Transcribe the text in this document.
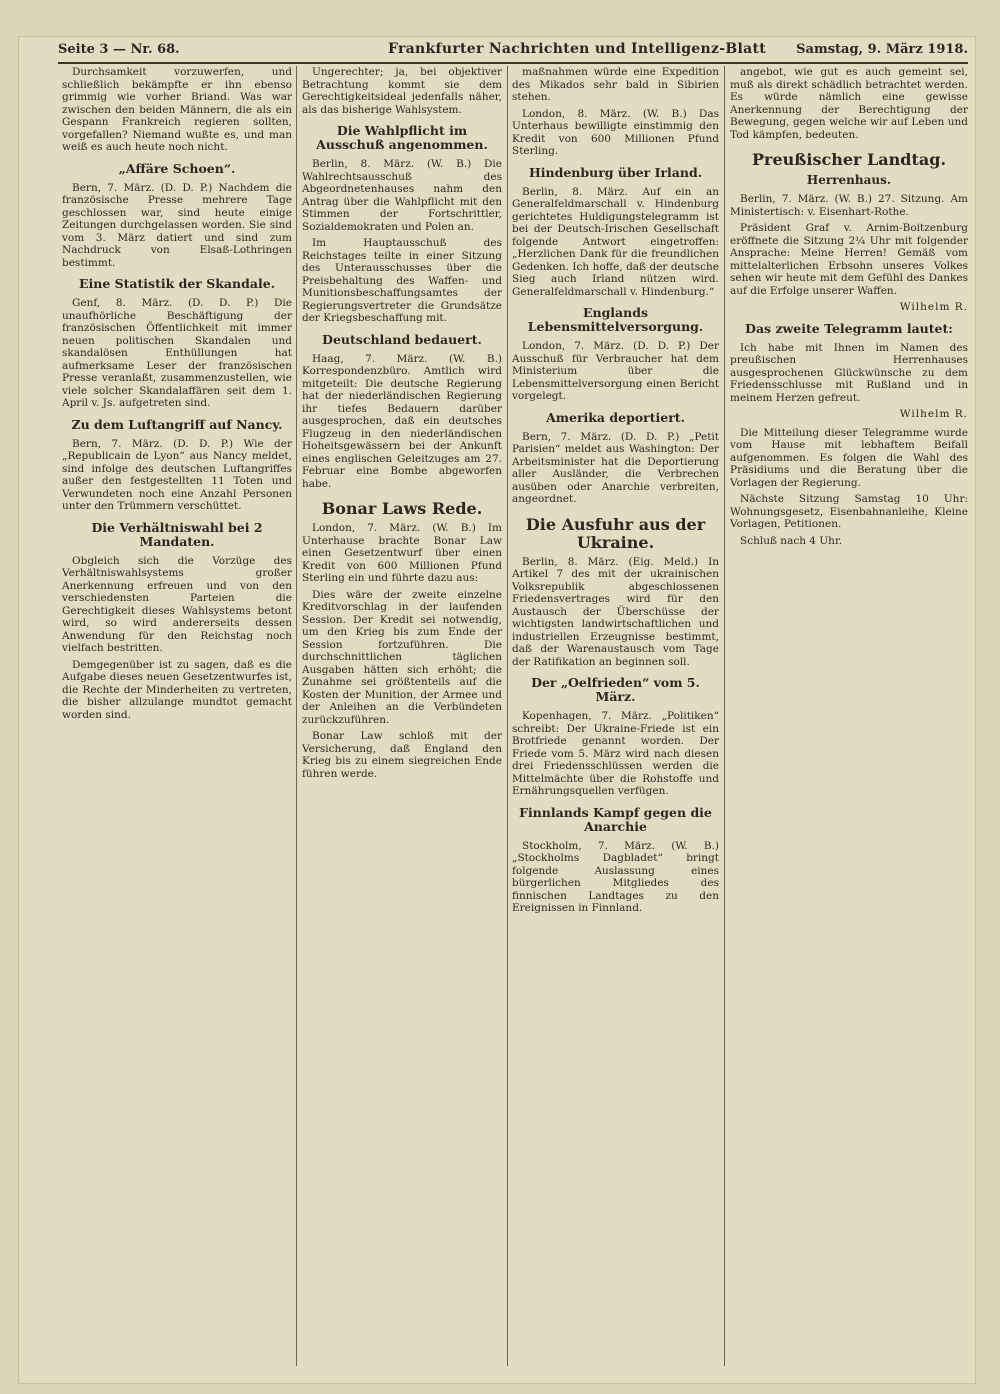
Seite 3 — Nr. 68.	Frankfurter Nachrichten und Intelligenz-Blatt Samstag, 9. März 1918.

Durchsamkeit vorzuwerfen, und schließlich bekämpfte er ihn ebenso grimmig wie vorher Briand. Was war zwischen den beiden Männern, die als ein Gespann Frankreich regieren sollten, vorgefallen? Niemand wußte es, und man weiß es auch heute noch nicht.

„Affäre Schoen“.

Bern, 7. März. (D. D. P.) Nachdem die französische Presse mehrere Tage geschlossen war, sind heute einige Zeitungen durchgelassen worden. Sie sind vom 3. März datiert und sind zum Nachdruck von Elsaß-Lothringen bestimmt.

Eine Statistik der Skandale.

Genf, 8. März. (D. D. P.) Die unaufhörliche Beschäftigung der französischen Öffentlichkeit mit immer neuen politischen Skandalen und skandalösen Enthüllungen hat aufmerksame Leser der französischen Presse veranlaßt, zusammenzustellen, wie viele solcher Skandalaffären seit dem 1. April v. Js. aufgetreten sind.

Zu dem Luftangriff auf Nancy.

Bern, 7. März. (D. D. P.) Wie der „Republicain de Lyon“ aus Nancy meldet, sind infolge des deutschen Luftangriffes außer den festgestellten 11 Toten und Verwundeten noch eine Anzahl Personen unter den Trümmern verschüttet.

Die Verhältniswahl bei 2 Mandaten.

Obgleich sich die Vorzüge des Verhältniswahlsystems großer Anerkennung erfreuen und von den verschiedensten Parteien die Gerechtigkeit dieses Wahlsystems betont wird, so wird andererseits dessen Anwendung für den Reichstag noch vielfach bestritten.

Demgegenüber ist zu sagen, daß es die Aufgabe dieses neuen Gesetzentwurfes ist, die Rechte der Minderheiten zu vertreten, die bisher allzulange mundtot gemacht worden sind.

Ungerechter; ja, bei objektiver Betrachtung kommt sie dem Gerechtigkeitsideal jedenfalls näher, als das bisherige Wahlsystem.

Die Wahlpflicht im Ausschuß angenommen.

Berlin, 8. März. (W. B.) Die Wahlrechtsausschuß des Abgeordnetenhauses nahm den Antrag über die Wahlpflicht mit den Stimmen der Fortschrittler, Sozialdemokraten und Polen an.

Im Hauptausschuß des Reichstages teilte in einer Sitzung des Unterausschusses über die Preisbehaltung des Waffen- und Munitionsbeschaffungsamtes der Regierungsvertreter die Grundsätze der Kriegsbeschaffung mit.

Deutschland bedauert.

Haag, 7. März. (W. B.) Korrespondenzbüro. Amtlich wird mitgeteilt: Die deutsche Regierung hat der niederländischen Regierung ihr tiefes Bedauern darüber ausgesprochen, daß ein deutsches Flugzeug in den niederländischen Hoheitsgewässern bei der Ankunft eines englischen Geleitzuges am 27. Februar eine Bombe abgeworfen habe.

Bonar Laws Rede.

London, 7. März. (W. B.) Im Unterhause brachte Bonar Law einen Gesetzentwurf über einen Kredit von 600 Millionen Pfund Sterling ein und führte dazu aus:

Dies wäre der zweite einzelne Kreditvorschlag in der laufenden Session. Der Kredit sei notwendig, um den Krieg bis zum Ende der Session fortzuführen. Die durchschnittlichen täglichen Ausgaben hätten sich erhöht; die Zunahme sei größtenteils auf die Kosten der Munition, der Armee und der Anleihen an die Verbündeten zurückzuführen.

Bonar Law schloß mit der Versicherung, daß England den Krieg bis zu einem siegreichen Ende führen werde.

maßnahmen würde eine Expedition des Mikados sehr bald in Sibirien stehen.

London, 8. März. (W. B.) Das Unterhaus bewilligte einstimmig den Kredit von 600 Millionen Pfund Sterling.

Hindenburg über Irland.

Berlin, 8. März. Auf ein an Generalfeldmarschall v. Hindenburg gerichtetes Huldigungstelegramm ist bei der Deutsch-Irischen Gesellschaft folgende Antwort eingetroffen: „Herzlichen Dank für die freundlichen Gedenken. Ich hoffe, daß der deutsche Sieg auch Irland nützen wird. Generalfeldmarschall v. Hindenburg.“

Englands Lebensmittelversorgung.

London, 7. März. (D. D. P.) Der Ausschuß für Verbraucher hat dem Ministerium über die Lebensmittelversorgung einen Bericht vorgelegt.

Amerika deportiert.

Bern, 7. März. (D. D. P.) „Petit Parisien“ meldet aus Washington: Der Arbeitsminister hat die Deportierung aller Ausländer, die Verbrechen ausüben oder Anarchie verbreiten, angeordnet.

Die Ausfuhr aus der Ukraine.

Berlin, 8. März. (Eig. Meld.) In Artikel 7 des mit der ukrainischen Volksrepublik abgeschlossenen Friedensvertrages wird für den Austausch der Überschüsse der wichtigsten landwirtschaftlichen und industriellen Erzeugnisse bestimmt, daß der Warenaustausch vom Tage der Ratifikation an beginnen soll.

Der „Oelfrieden“ vom 5. März.

Kopenhagen, 7. März. „Politiken“ schreibt: Der Ukraine-Friede ist ein Brotfriede genannt worden. Der Friede vom 5. März wird nach diesen drei Friedensschlüssen werden die Mittelmächte über die Rohstoffe und Ernährungsquellen verfügen.

Finnlands Kampf gegen die Anarchie

Stockholm, 7. März. (W. B.) „Stockholms Dagbladet“ bringt folgende Auslassung eines bürgerlichen Mitgliedes des finnischen Landtages zu den Ereignissen in Finnland.

angebot, wie gut es auch gemeint sei, muß als direkt schädlich betrachtet werden. Es würde nämlich eine gewisse Anerkennung der Berechtigung der Bewegung, gegen welche wir auf Leben und Tod kämpfen, bedeuten.

Preußischer Landtag.
Herrenhaus.

Berlin, 7. März. (W. B.) 27. Sitzung. Am Ministertisch: v. Eisenhart-Rothe.

Präsident Graf v. Arnim-Boitzenburg eröffnete die Sitzung 2¼ Uhr mit folgender Ansprache: Meine Herren! Gemäß vom mittelalterlichen Erbsohn unseres Volkes sehen wir heute mit dem Gefühl des Dankes auf die Erfolge unserer Waffen.

Wilhelm R.
Das zweite Telegramm lautet:

Ich habe mit Ihnen im Namen des preußischen Herrenhauses ausgesprochenen Glückwünsche zu dem Friedensschlusse mit Rußland und in meinem Herzen gefreut.

Wilhelm R.

Die Mitteilung dieser Telegramme wurde vom Hause mit lebhaftem Beifall aufgenommen. Es folgen die Wahl des Präsidiums und die Beratung über die Vorlagen der Regierung.

Nächste Sitzung Samstag 10 Uhr: Wohnungsgesetz, Eisenbahnanleihe, Kleine Vorlagen, Petitionen.

Schluß nach 4 Uhr.
